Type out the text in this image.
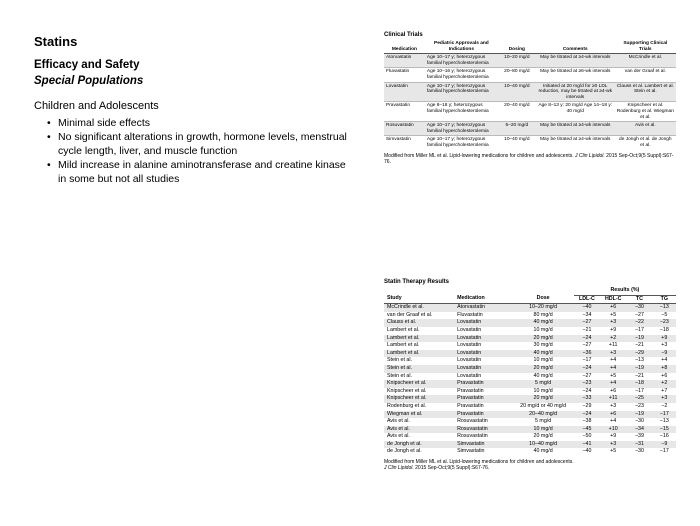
Statins
Efficacy and Safety
Special Populations
Children and Adolescents
• Minimal side effects
• No significant alterations in growth, hormone levels, menstrual cycle length, liver, and muscle function
• Mild increase in alanine aminotransferase and creatine kinase in some but not all studies
Clinical Trials
Medication	Pediatric Approvals and Indications	Dosing	Comments	Supporting Clinical Trials
Atorvastatin	Age 10–17 y; heterozygous familial hypercholesterolemia	10–20 mg/d	May be titrated at ≥4-wk intervals	McCrindle et al.
Fluvastatin	Age 10–16 y; heterozygous familial hypercholesterolemia	20–80 mg/d	May be titrated at ≥6-wk intervals	van der Graaf et al.
Lovastatin	Age 10–17 y; heterozygous familial hypercholesterolemia	10–40 mg/d	Initiated at 20 mg/d for ≥0 LDL reduction, may be titrated at ≥4-wk intervals	Clauss et al. Lambert et al. Stein et al.
Pravastatin	Age 8–18 y; heterozygous familial hypercholesterolemia	20–40 mg/d	Age 8–13 y: 20 mg/d Age 14–18 y: 40 mg/d	Knipscheer et al. Rodenburg et al. Wiegman et al.
Rosuvastatin	Age 10–17 y; heterozygous familial hypercholesterolemia	5–20 mg/d	May be titrated at ≥4-wk intervals	Avis et al.
Simvastatin	Age 10–17 y; heterozygous familial hypercholesterolemia	10–40 mg/d	May be titrated at ≥4-wk intervals	de Jongh et al. de Jongh et al.
Modified from Miller ML et al. Lipid-lowering medications for children and adolescents. J Clin Lipidol. 2015 Sep-Oct;9(5 Suppl):S67-76.
Statin Therapy Results
			Results (%)			
Study	Medication	Dose	LDL-C	HDL-C	TC	TG
McCrindle et al.	Atorvastatin	10–20 mg/d	−40	+6	−30	−13
van der Graaf et al.	Fluvastatin	80 mg/d	−34	+5	−27	−5
Clauss et al.	Lovastatin	40 mg/d	−27	+3	−22	−23
Lambert et al.	Lovastatin	10 mg/d	−21	+9	−17	−18
Lambert et al.	Lovastatin	20 mg/d	−24	+2	−19	+9
Lambert et al.	Lovastatin	30 mg/d	−27	+11	−21	+3
Lambert et al.	Lovastatin	40 mg/d	−36	+3	−29	−9
Stein et al.	Lovastatin	10 mg/d	−17	+4	−13	+4
Stein et al.	Lovastatin	20 mg/d	−24	+4	−19	+8
Stein et al.	Lovastatin	40 mg/d	−27	+5	−21	+6
Knipscheer et al.	Pravastatin	5 mg/d	−23	+4	−18	+2
Knipscheer et al.	Pravastatin	10 mg/d	−24	+6	−17	+7
Knipscheer et al.	Pravastatin	20 mg/d	−33	+11	−25	+3
Rodenburg et al.	Pravastatin	20 mg/d or 40 mg/d	−29	+3	−23	−2
Wiegman et al.	Pravastatin	20–40 mg/d	−24	+6	−19	−17
Avis et al.	Rosuvastatin	5 mg/d	−38	+4	−30	−13
Avis et al.	Rosuvastatin	10 mg/d	−45	+10	−34	−15
Avis et al.	Rosuvastatin	20 mg/d	−50	+9	−39	−16
de Jongh et al.	Simvastatin	10–40 mg/d	−41	+3	−31	−9
de Jongh et al.	Simvastatin	40 mg/d	−40	+5	−30	−17
Modified from Miller ML et al. Lipid-lowering medications for children and adolescents.
J Clin Lipidol. 2015 Sep-Oct;9(5 Suppl):S67-76.
